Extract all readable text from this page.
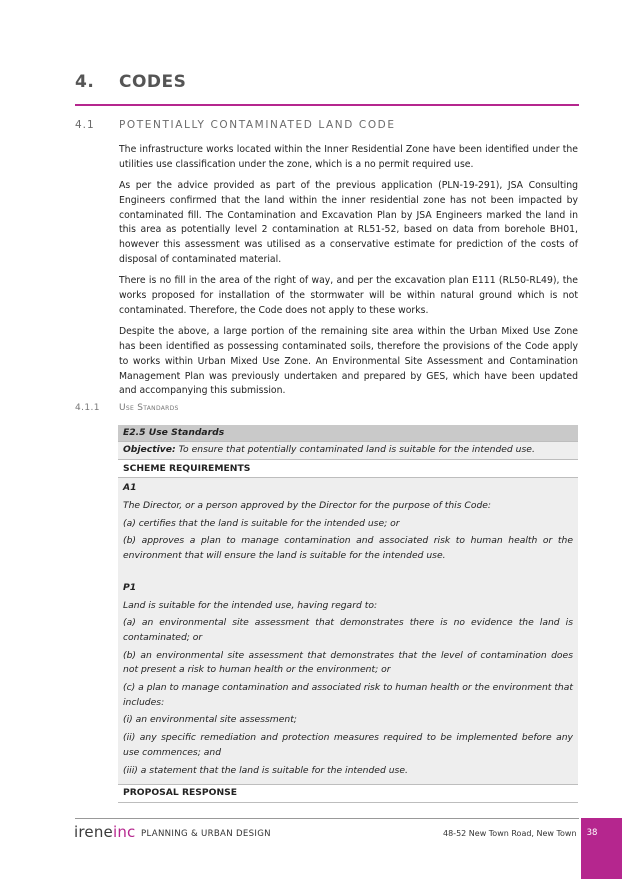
4. CODES
4.1 POTENTIALLY CONTAMINATED LAND CODE

The infrastructure works located within the Inner Residential Zone have been identified under the utilities use classification under the zone, which is a no permit required use.

As per the advice provided as part of the previous application (PLN-19-291), JSA Consulting Engineers confirmed that the land within the inner residential zone has not been impacted by contaminated fill. The Contamination and Excavation Plan by JSA Engineers marked the land in this area as potentially level 2 contamination at RL51-52, based on data from borehole BH01, however this assessment was utilised as a conservative estimate for prediction of the costs of disposal of contaminated material.

There is no fill in the area of the right of way, and per the excavation plan E111 (RL50-RL49), the works proposed for installation of the stormwater will be within natural ground which is not contaminated. Therefore, the Code does not apply to these works.

Despite the above, a large portion of the remaining site area within the Urban Mixed Use Zone has been identified as possessing contaminated soils, therefore the provisions of the Code apply to works within Urban Mixed Use Zone. An Environmental Site Assessment and Contamination Management Plan was previously undertaken and prepared by GES, which have been updated and accompanying this submission.

4.1.1 Use Standards
E2.5 Use Standards
Objective: To ensure that potentially contaminated land is suitable for the intended use.
SCHEME REQUIREMENTS

A1

The Director, or a person approved by the Director for the purpose of this Code:

(a) certifies that the land is suitable for the intended use; or

(b) approves a plan to manage contamination and associated risk to human health or the environment that will ensure the land is suitable for the intended use.

P1

Land is suitable for the intended use, having regard to:

(a) an environmental site assessment that demonstrates there is no evidence the land is contaminated; or

(b) an environmental site assessment that demonstrates that the level of contamination does not present a risk to human health or the environment; or

(c) a plan to manage contamination and associated risk to human health or the environment that includes:

(i) an environmental site assessment;

(ii) any specific remediation and protection measures required to be implemented before any use commences; and

(iii) a statement that the land is suitable for the intended use.

PROPOSAL RESPONSE
ireneinc PLANNING & URBAN DESIGN	48-52 New Town Road, New Town	38
